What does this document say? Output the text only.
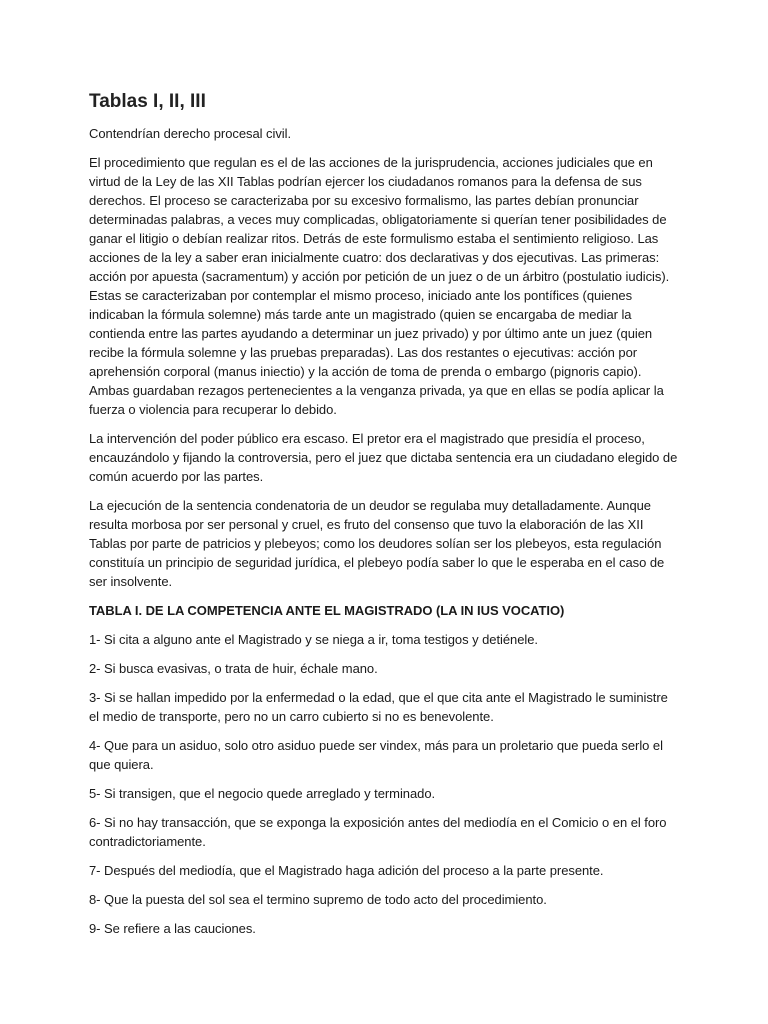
Tablas I, II, III

Contendrían derecho procesal civil.

El procedimiento que regulan es el de las acciones de la jurisprudencia, acciones judiciales que en virtud de la Ley de las XII Tablas podrían ejercer los ciudadanos romanos para la defensa de sus derechos. El proceso se caracterizaba por su excesivo formalismo, las partes debían pronunciar determinadas palabras, a veces muy complicadas, obligatoriamente si querían tener posibilidades de ganar el litigio o debían realizar ritos. Detrás de este formulismo estaba el sentimiento religioso. Las acciones de la ley a saber eran inicialmente cuatro: dos declarativas y dos ejecutivas. Las primeras: acción por apuesta (sacramentum) y acción por petición de un juez o de un árbitro (postulatio iudicis). Estas se caracterizaban por contemplar el mismo proceso, iniciado ante los pontífices (quienes indicaban la fórmula solemne) más tarde ante un magistrado (quien se encargaba de mediar la contienda entre las partes ayudando a determinar un juez privado) y por último ante un juez (quien recibe la fórmula solemne y las pruebas preparadas). Las dos restantes o ejecutivas: acción por aprehensión corporal (manus iniectio) y la acción de toma de prenda o embargo (pignoris capio). Ambas guardaban rezagos pertenecientes a la venganza privada, ya que en ellas se podía aplicar la fuerza o violencia para recuperar lo debido.

La intervención del poder público era escaso. El pretor era el magistrado que presidía el proceso, encauzándolo y fijando la controversia, pero el juez que dictaba sentencia era un ciudadano elegido de común acuerdo por las partes.

La ejecución de la sentencia condenatoria de un deudor se regulaba muy detalladamente. Aunque resulta morbosa por ser personal y cruel, es fruto del consenso que tuvo la elaboración de las XII Tablas por parte de patricios y plebeyos; como los deudores solían ser los plebeyos, esta regulación constituía un principio de seguridad jurídica, el plebeyo podía saber lo que le esperaba en el caso de ser insolvente.

TABLA I. DE LA COMPETENCIA ANTE EL MAGISTRADO (LA IN IUS VOCATIO)

1- Si cita a alguno ante el Magistrado y se niega a ir, toma testigos y detiénele.

2- Si busca evasivas, o trata de huir, échale mano.

3- Si se hallan impedido por la enfermedad o la edad, que el que cita ante el Magistrado le suministre el medio de transporte, pero no un carro cubierto si no es benevolente.

4- Que para un asiduo, solo otro asiduo puede ser vindex, más para un proletario que pueda serlo el que quiera.

5- Si transigen, que el negocio quede arreglado y terminado.

6- Si no hay transacción, que se exponga la exposición antes del mediodía en el Comicio o en el foro contradictoriamente.

7- Después del mediodía, que el Magistrado haga adición del proceso a la parte presente.

8- Que la puesta del sol sea el termino supremo de todo acto del procedimiento.

9- Se refiere a las cauciones.
